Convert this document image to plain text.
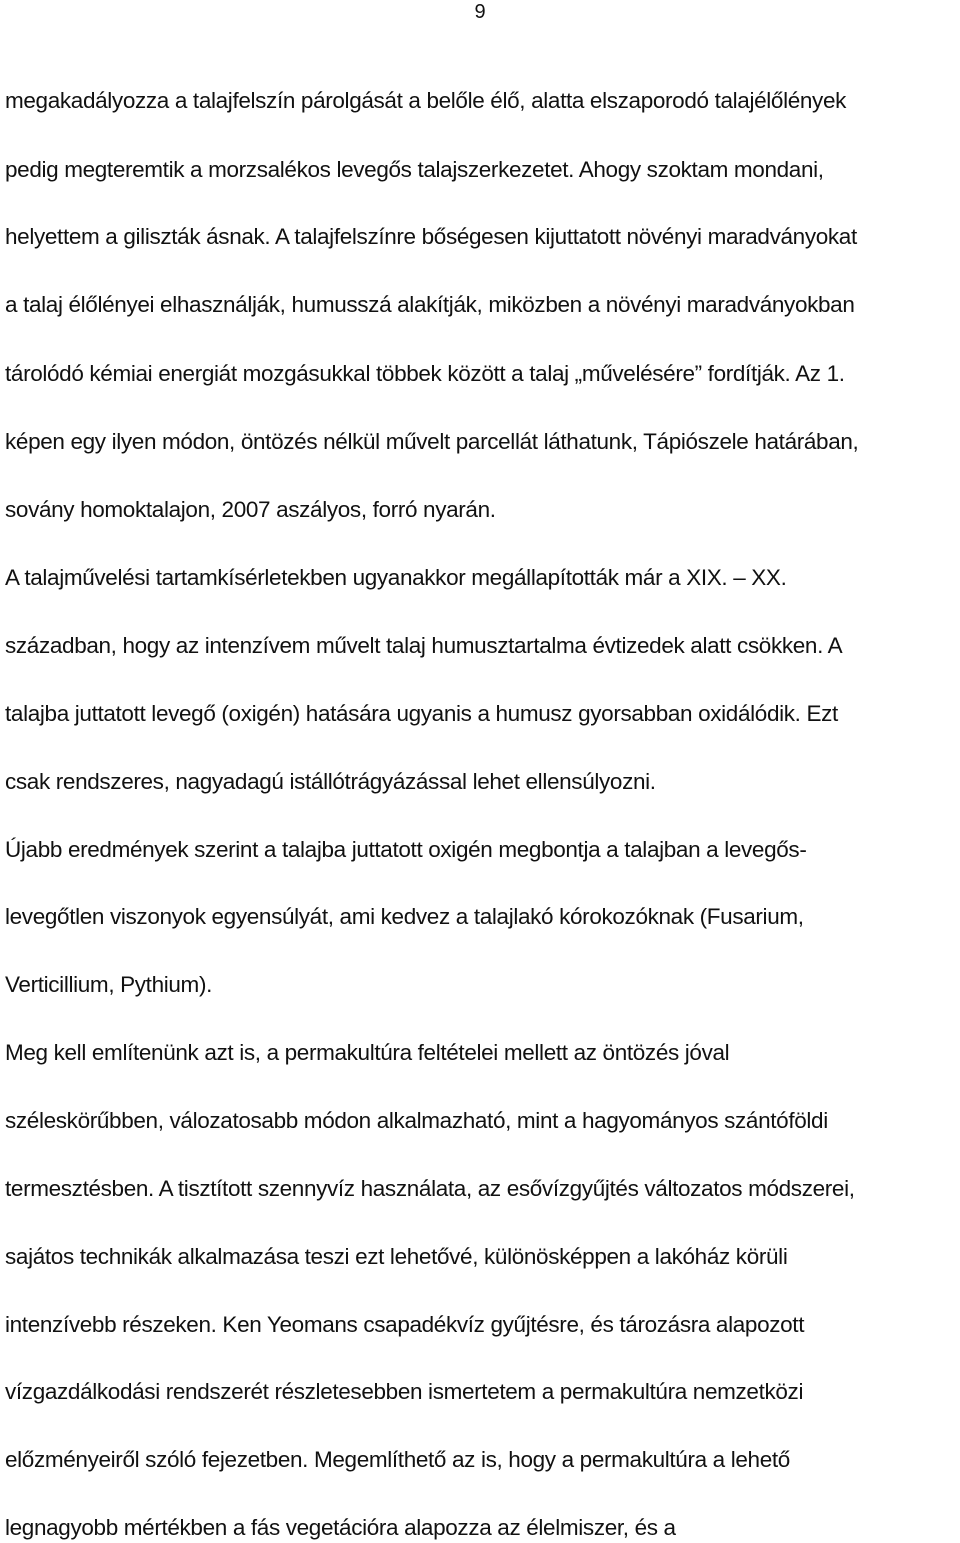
9
megakadályozza a talajfelszín párolgását a belőle élő, alatta elszaporodó talajélőlények
pedig megteremtik a morzsalékos levegős talajszerkezetet. Ahogy szoktam mondani,
helyettem a giliszták ásnak. A talajfelszínre bőségesen kijuttatott növényi maradványokat
a talaj élőlényei elhasználják, humusszá alakítják, miközben a növényi maradványokban
tárolódó kémiai energiát mozgásukkal többek között a talaj „művelésére” fordítják. Az 1.
képen egy ilyen módon, öntözés nélkül művelt parcellát láthatunk, Tápiószele határában,
sovány homoktalajon, 2007 aszályos, forró nyarán.
A talajművelési tartamkísérletekben ugyanakkor megállapították már a XIX. – XX.
században, hogy az intenzívem művelt talaj humusztartalma évtizedek alatt csökken. A
talajba juttatott levegő (oxigén) hatására ugyanis a humusz gyorsabban oxidálódik. Ezt
csak rendszeres, nagyadagú istállótrágyázással lehet ellensúlyozni.
Újabb eredmények szerint a talajba juttatott oxigén megbontja a talajban a levegős-
levegőtlen viszonyok egyensúlyát, ami kedvez a talajlakó kórokozóknak (Fusarium,
Verticillium, Pythium).
Meg kell említenünk azt is, a permakultúra feltételei mellett az öntözés jóval
széleskörűbben, válozatosabb módon alkalmazható, mint a hagyományos szántóföldi
termesztésben. A tisztított szennyvíz használata, az esővízgyűjtés változatos módszerei,
sajátos technikák alkalmazása teszi ezt lehetővé, különösképpen a lakóház körüli
intenzívebb részeken. Ken Yeomans csapadékvíz gyűjtésre, és tározásra alapozott
vízgazdálkodási rendszerét részletesebben ismertetem a permakultúra nemzetközi
előzményeiről szóló fejezetben. Megemlíthető az is, hogy a permakultúra a lehető
legnagyobb mértékben a fás vegetációra alapozza az élelmiszer, és a
